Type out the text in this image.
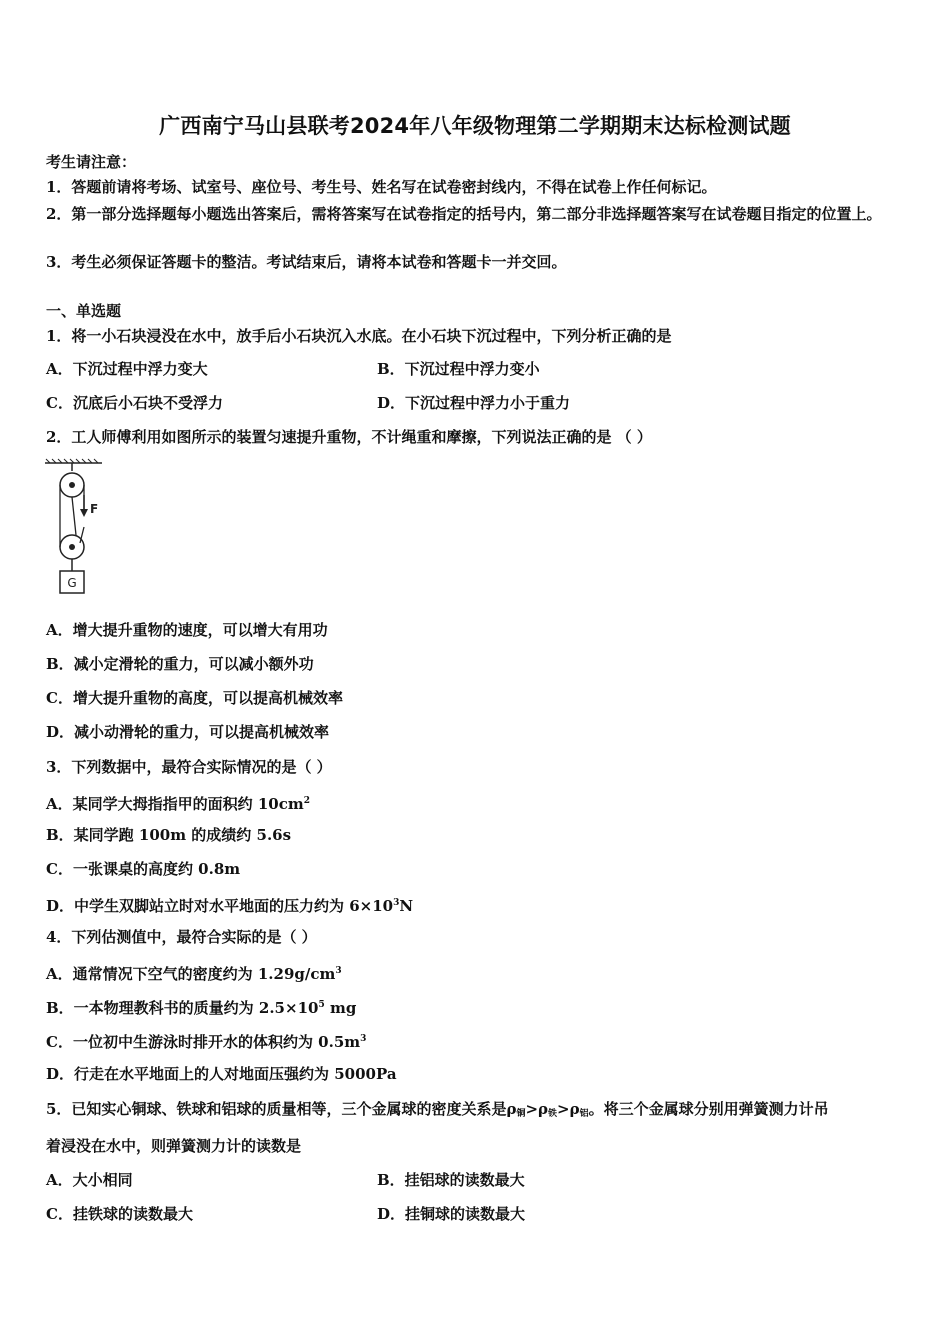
广西南宁马山县联考2024年八年级物理第二学期期末达标检测试题
考生请注意：
1．答题前请将考场、试室号、座位号、考生号、姓名写在试卷密封线内，不得在试卷上作任何标记。
2．第一部分选择题每小题选出答案后，需将答案写在试卷指定的括号内，第二部分非选择题答案写在试卷题目指定的位置上。
3．考生必须保证答题卡的整洁。考试结束后，请将本试卷和答题卡一并交回。
一、单选题
1．将一小石块浸没在水中，放手后小石块沉入水底。在小石块下沉过程中，下列分析正确的是
A．下沉过程中浮力变大	B．下沉过程中浮力变小
C．沉底后小石块不受浮力	D．下沉过程中浮力小于重力
2．工人师傅利用如图所示的装置匀速提升重物，不计绳重和摩擦，下列说法正确的是 （ ）
F
G
A．增大提升重物的速度，可以增大有用功
B．减小定滑轮的重力，可以减小额外功
C．增大提升重物的高度，可以提高机械效率
D．减小动滑轮的重力，可以提高机械效率
3．下列数据中，最符合实际情况的是（ ）
A．某同学大拇指指甲的面积约 $10cm^2$
B．某同学跑 100m 的成绩约 5.6s
C．一张课桌的高度约 0.8m
D．中学生双脚站立时对水平地面的压力约为 $6\times 10^3N$
4．下列估测值中，最符合实际的是（ ）
A．通常情况下空气的密度约为 $1.29g/cm^3$
B．一本物理教科书的质量约为 $2.5\times 10^5$ mg
C．一位初中生游泳时排开水的体积约为 $0.5m^3$
D．行走在水平地面上的人对地面压强约为 5000Pa
5．已知实心铜球、铁球和铝球的质量相等，三个金属球的密度关系是$\rho_铜>\rho_铁>\rho_铝$。将三个金属球分别用弹簧测力计吊
着浸没在水中，则弹簧测力计的读数是
A．大小相同	B．挂铝球的读数最大
C．挂铁球的读数最大	D．挂铜球的读数最大
